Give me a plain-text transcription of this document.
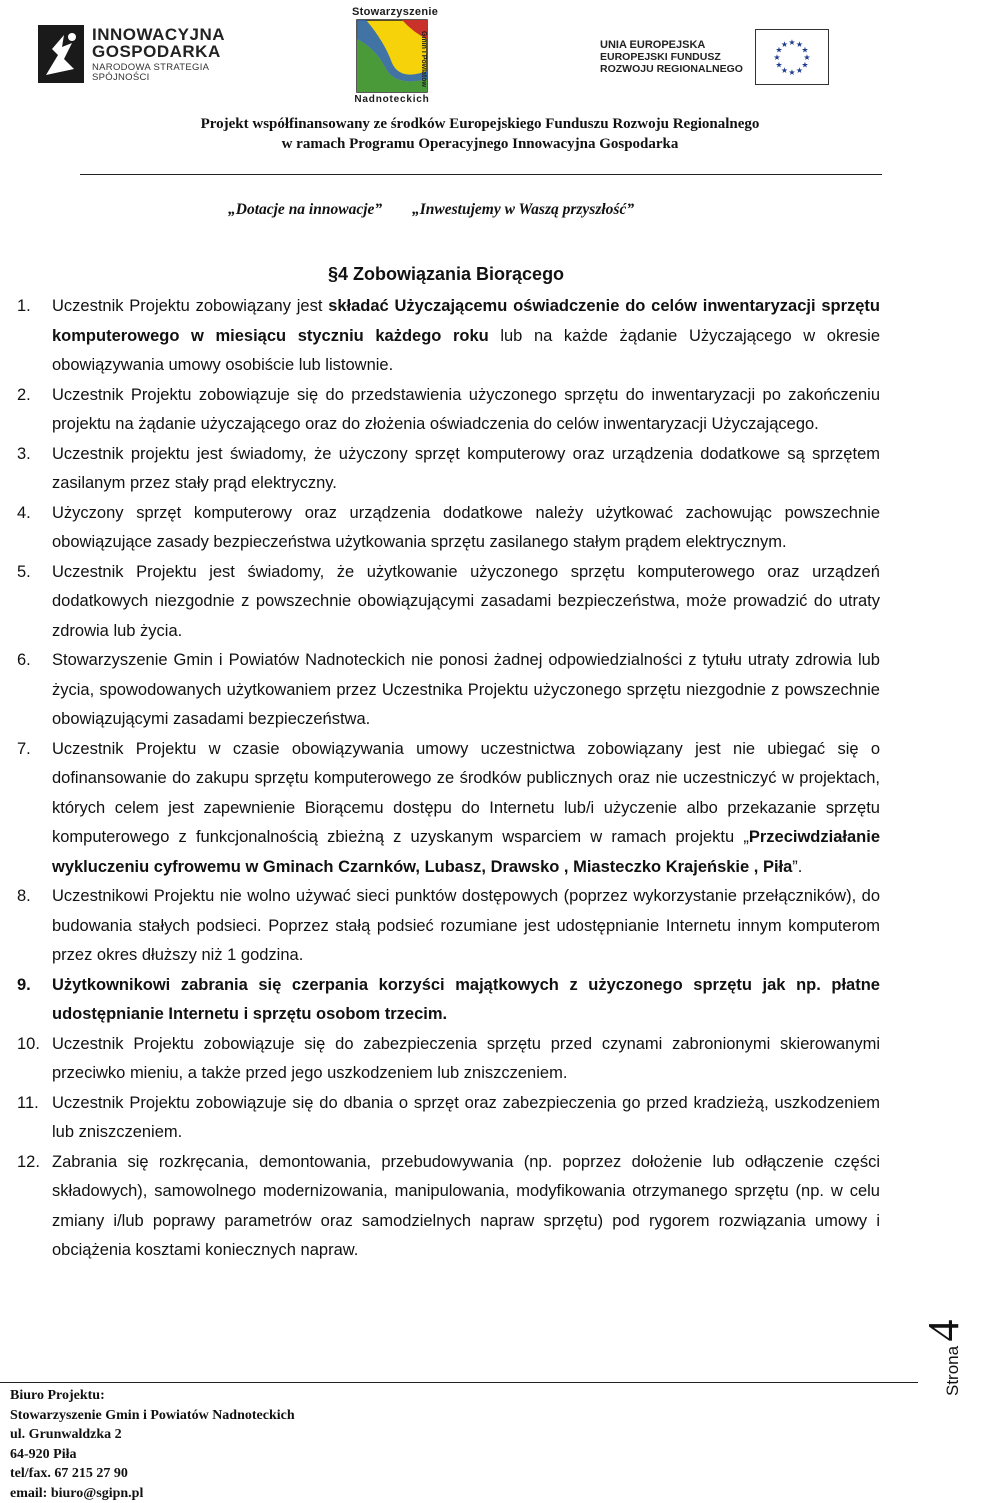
INNOWACYJNA
GOSPODARKA
NARODOWA STRATEGIA SPÓJNOŚCI
Stowarzyszenie
Gmin i Powiatów
Nadnoteckich
UNIA EUROPEJSKA
EUROPEJSKI FUNDUSZ
ROZWOJU REGIONALNEGO
★ ★
★
★
★
★
★
★
★
★
★
★
Projekt współfinansowany ze środków Europejskiego Funduszu Rozwoju Regionalnego
w ramach Programu Operacyjnego Innowacyjna Gospodarka
„Dotacje na innowacje” „Inwestujemy w Waszą przyszłość”
§4 Zobowiązania Biorącego
1. Uczestnik Projektu zobowiązany jest składać Użyczającemu oświadczenie do celów inwentaryzacji sprzętu komputerowego w miesiącu styczniu każdego roku lub na każde żądanie Użyczającego w okresie obowiązywania umowy osobiście lub listownie.
2. Uczestnik Projektu zobowiązuje się do przedstawienia użyczonego sprzętu do inwentaryzacji po zakończeniu projektu na żądanie użyczającego oraz do złożenia oświadczenia do celów inwentaryzacji Użyczającego.
3. Uczestnik projektu jest świadomy, że użyczony sprzęt komputerowy oraz urządzenia dodatkowe są sprzętem zasilanym przez stały prąd elektryczny.
4. Użyczony sprzęt komputerowy oraz urządzenia dodatkowe należy użytkować zachowując powszechnie obowiązujące zasady bezpieczeństwa użytkowania sprzętu zasilanego stałym prądem elektrycznym.
5. Uczestnik Projektu jest świadomy, że użytkowanie użyczonego sprzętu komputerowego oraz urządzeń dodatkowych niezgodnie z powszechnie obowiązującymi zasadami bezpieczeństwa, może prowadzić do utraty zdrowia lub życia.
6. Stowarzyszenie Gmin i Powiatów Nadnoteckich nie ponosi żadnej odpowiedzialności z tytułu utraty zdrowia lub życia, spowodowanych użytkowaniem przez Uczestnika Projektu użyczonego sprzętu niezgodnie z powszechnie obowiązującymi zasadami bezpieczeństwa.
7. Uczestnik Projektu w czasie obowiązywania umowy uczestnictwa zobowiązany jest nie ubiegać się o dofinansowanie do zakupu sprzętu komputerowego ze środków publicznych oraz nie uczestniczyć w projektach, których celem jest zapewnienie Biorącemu dostępu do Internetu lub/i użyczenie albo przekazanie sprzętu komputerowego z funkcjonalnością zbieżną z uzyskanym wsparciem w ramach projektu „Przeciwdziałanie wykluczeniu cyfrowemu w Gminach Czarnków, Lubasz, Drawsko , Miasteczko Krajeńskie , Piła”.
8. Uczestnikowi Projektu nie wolno używać sieci punktów dostępowych (poprzez wykorzystanie przełączników), do budowania stałych podsieci. Poprzez stałą podsieć rozumiane jest udostępnianie Internetu innym komputerom przez okres dłuższy niż 1 godzina.
9. Użytkownikowi zabrania się czerpania korzyści majątkowych z użyczonego sprzętu jak np. płatne udostępnianie Internetu i sprzętu osobom trzecim.
10. Uczestnik Projektu zobowiązuje się do zabezpieczenia sprzętu przed czynami zabronionymi skierowanymi przeciwko mieniu, a także przed jego uszkodzeniem lub zniszczeniem.
11. Uczestnik Projektu zobowiązuje się do dbania o sprzęt oraz zabezpieczenia go przed kradzieżą, uszkodzeniem lub zniszczeniem.
12. Zabrania się rozkręcania, demontowania, przebudowywania (np. poprzez dołożenie lub odłączenie części składowych), samowolnego modernizowania, manipulowania, modyfikowania otrzymanego sprzętu (np. w celu zmiany i/lub poprawy parametrów oraz samodzielnych napraw sprzętu) pod rygorem rozwiązania umowy i obciążenia kosztami koniecznych napraw.
Biuro Projektu:
Stowarzyszenie Gmin i Powiatów Nadnoteckich
ul. Grunwaldzka 2
64-920 Piła
tel/fax. 67 215 27 90
email: biuro@sgipn.pl
Strona 4
